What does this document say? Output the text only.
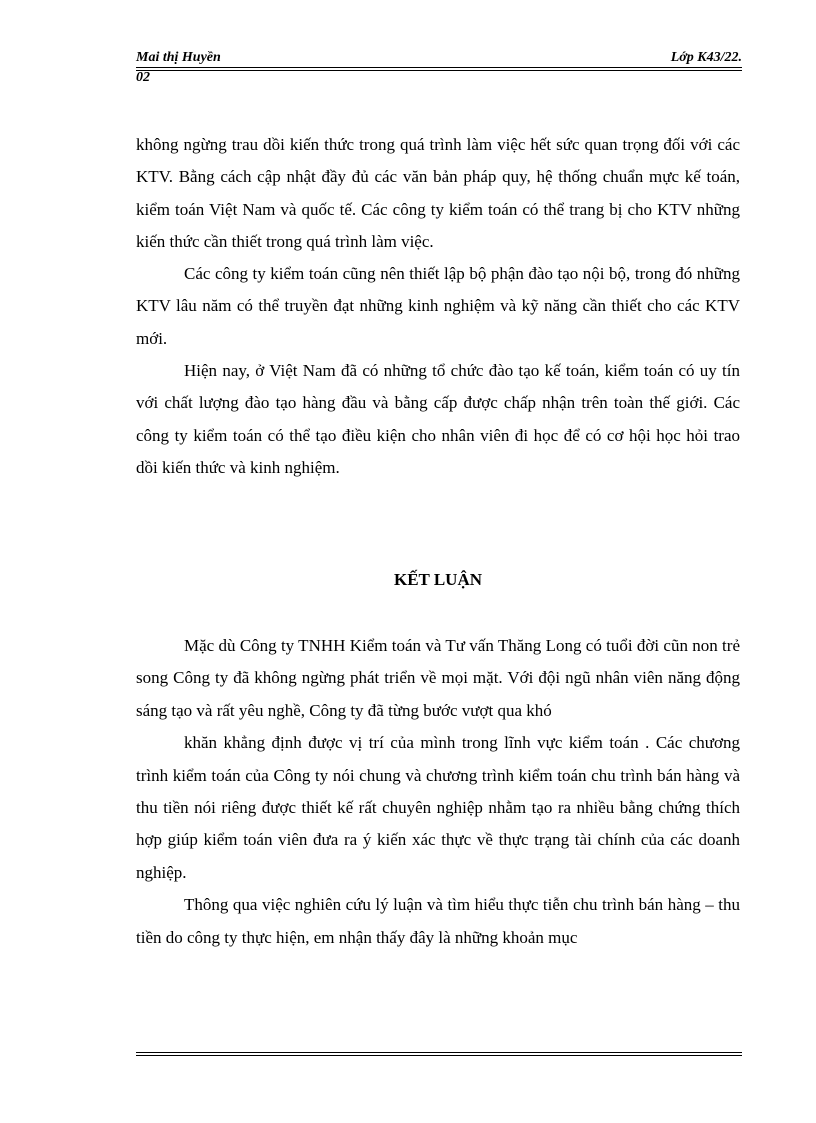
Mai thị Huyền	Lớp K43/22.
02

không ngừng trau dồi kiến thức trong quá trình làm việc hết sức quan trọng đối với các KTV. Bằng cách cập nhật đầy đủ các văn bản pháp quy, hệ thống chuẩn mực kế toán, kiểm toán Việt Nam và quốc tế. Các công ty kiểm toán có thể trang bị cho KTV những kiến thức cần thiết trong quá trình làm việc.

Các công ty kiểm toán cũng nên thiết lập bộ phận đào tạo nội bộ, trong đó những KTV lâu năm có thể truyền đạt những kinh nghiệm và kỹ năng cần thiết cho các KTV mới.

Hiện nay, ở Việt Nam đã có những tổ chức đào tạo kế toán, kiểm toán có uy tín với chất lượng đào tạo hàng đầu và bằng cấp được chấp nhận trên toàn thế giới. Các công ty kiểm toán có thể tạo điều kiện cho nhân viên đi học để có cơ hội học hỏi trao dồi kiến thức và kinh nghiệm.

KẾT LUẬN

Mặc dù Công ty TNHH Kiểm toán và Tư vấn Thăng Long có tuổi đời cũn non trẻ song Công ty đã không ngừng phát triển về mọi mặt. Với đội ngũ nhân viên năng động sáng tạo và rất yêu nghề, Công ty đã từng bước vượt qua khó

khăn khẳng định được vị trí của mình trong lĩnh vực kiểm toán . Các chương trình kiểm toán của Công ty nói chung và chương trình kiểm toán chu trình bán hàng và thu tiền nói riêng được thiết kế rất chuyên nghiệp nhằm tạo ra nhiều bằng chứng thích hợp giúp kiểm toán viên đưa ra ý kiến xác thực về thực trạng tài chính của các doanh nghiệp.

Thông qua việc nghiên cứu lý luận và tìm hiểu thực tiễn chu trình bán hàng – thu tiền do công ty thực hiện, em nhận thấy đây là những khoản mục
